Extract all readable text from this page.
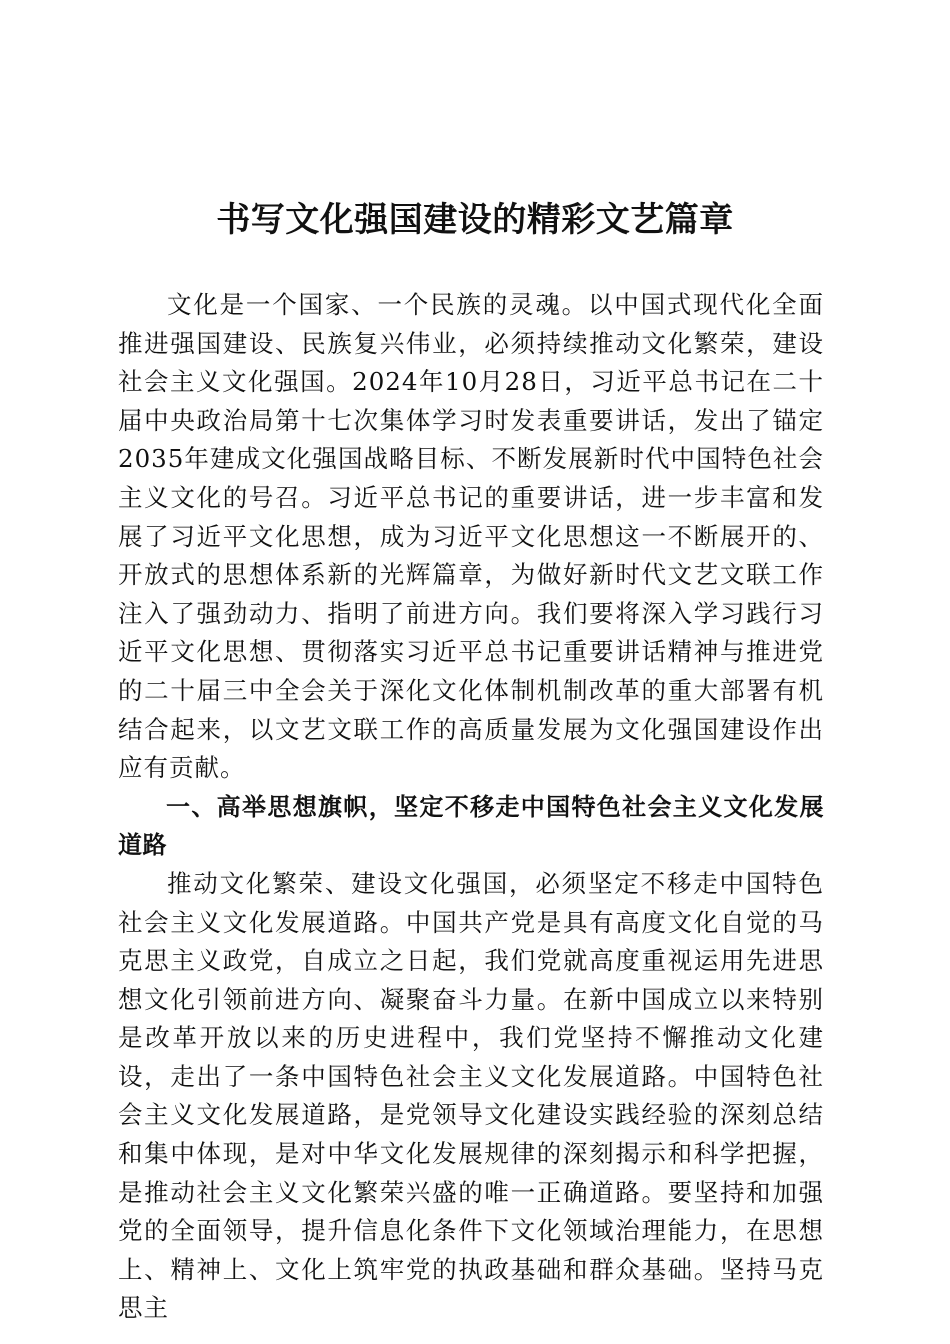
书写文化强国建设的精彩文艺篇章

文化是一个国家、一个民族的灵魂。以中国式现代化全面推进强国建设、民族复兴伟业，必须持续推动文化繁荣，建设社会主义文化强国。2024年10月28日，习近平总书记在二十届中央政治局第十七次集体学习时发表重要讲话，发出了锚定2035年建成文化强国战略目标、不断发展新时代中国特色社会主义文化的号召。习近平总书记的重要讲话，进一步丰富和发展了习近平文化思想，成为习近平文化思想这一不断展开的、开放式的思想体系新的光辉篇章，为做好新时代文艺文联工作注入了强劲动力、指明了前进方向。我们要将深入学习践行习近平文化思想、贯彻落实习近平总书记重要讲话精神与推进党的二十届三中全会关于深化文化体制机制改革的重大部署有机结合起来，以文艺文联工作的高质量发展为文化强国建设作出应有贡献。

一、高举思想旗帜，坚定不移走中国特色社会主义文化发展道路

推动文化繁荣、建设文化强国，必须坚定不移走中国特色社会主义文化发展道路。中国共产党是具有高度文化自觉的马克思主义政党，自成立之日起，我们党就高度重视运用先进思想文化引领前进方向、凝聚奋斗力量。在新中国成立以来特别是改革开放以来的历史进程中，我们党坚持不懈推动文化建设，走出了一条中国特色社会主义文化发展道路。中国特色社会主义文化发展道路，是党领导文化建设实践经验的深刻总结和集中体现，是对中华文化发展规律的深刻揭示和科学把握，是推动社会主义文化繁荣兴盛的唯一正确道路。要坚持和加强党的全面领导，提升信息化条件下文化领域治理能力，在思想上、精神上、文化上筑牢党的执政基础和群众基础。坚持马克思主
